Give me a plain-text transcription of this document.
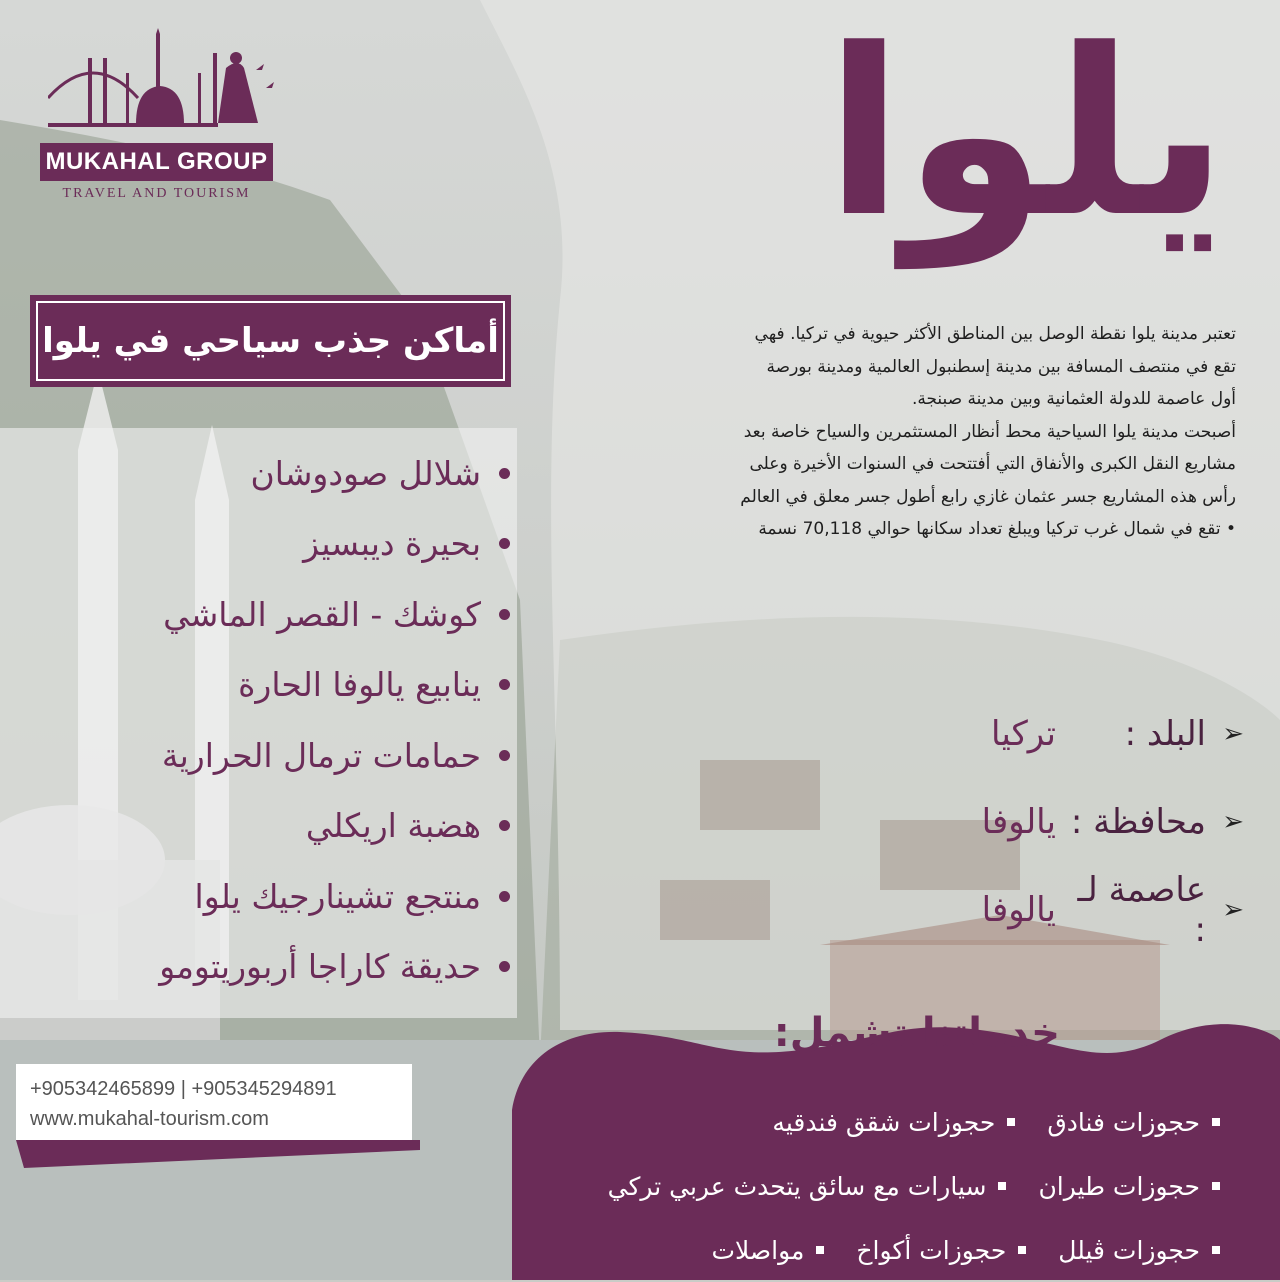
MUKAHAL GROUP
TRAVEL AND TOURISM يلوا

تعتبر مدينة يلوا نقطة الوصل بين المناطق الأكثر حيوية في تركيا. فهي

تقع في منتصف المسافة بين مدينة إسطنبول العالمية ومدينة بورصة

أول عاصمة للدولة العثمانية وبين مدينة صبنجة.

أصبحت مدينة يلوا السياحية محط أنظار المستثمرين والسياح خاصة بعد

مشاريع النقل الكبرى والأنفاق التي أفتتحت في السنوات الأخيرة وعلى

رأس هذه المشاريع جسر عثمان غازي رابع أطول جسر معلق في العالم

• تقع في شمال غرب تركيا ويبلغ تعداد سكانها حوالي 70,118 نسمة

➢
البلد :
تركيا
➢
محافظة :
يالوفا
➢
عاصمة لـ :
يالوفا
أماكن جذب سياحي في يلوا
شلالل صودوشان
بحيرة ديبسيز
كوشك - القصر الماشي
ينابيع يالوفا الحارة
حمامات ترمال الحرارية
هضبة اريكلي
منتجع تشينارجيك يلوا
حديقة كاراجا أربوريتومو
+905342465899 | +905345294891
www.mukahal-tourism.com
خدماتنا تشمل:
حجوزات فنادق
حجوزات شقق فندقيه
حجوزات طيران
سيارات مع سائق يتحدث عربي تركي
حجوزات ڤيلل
حجوزات أكواخ
مواصلات
